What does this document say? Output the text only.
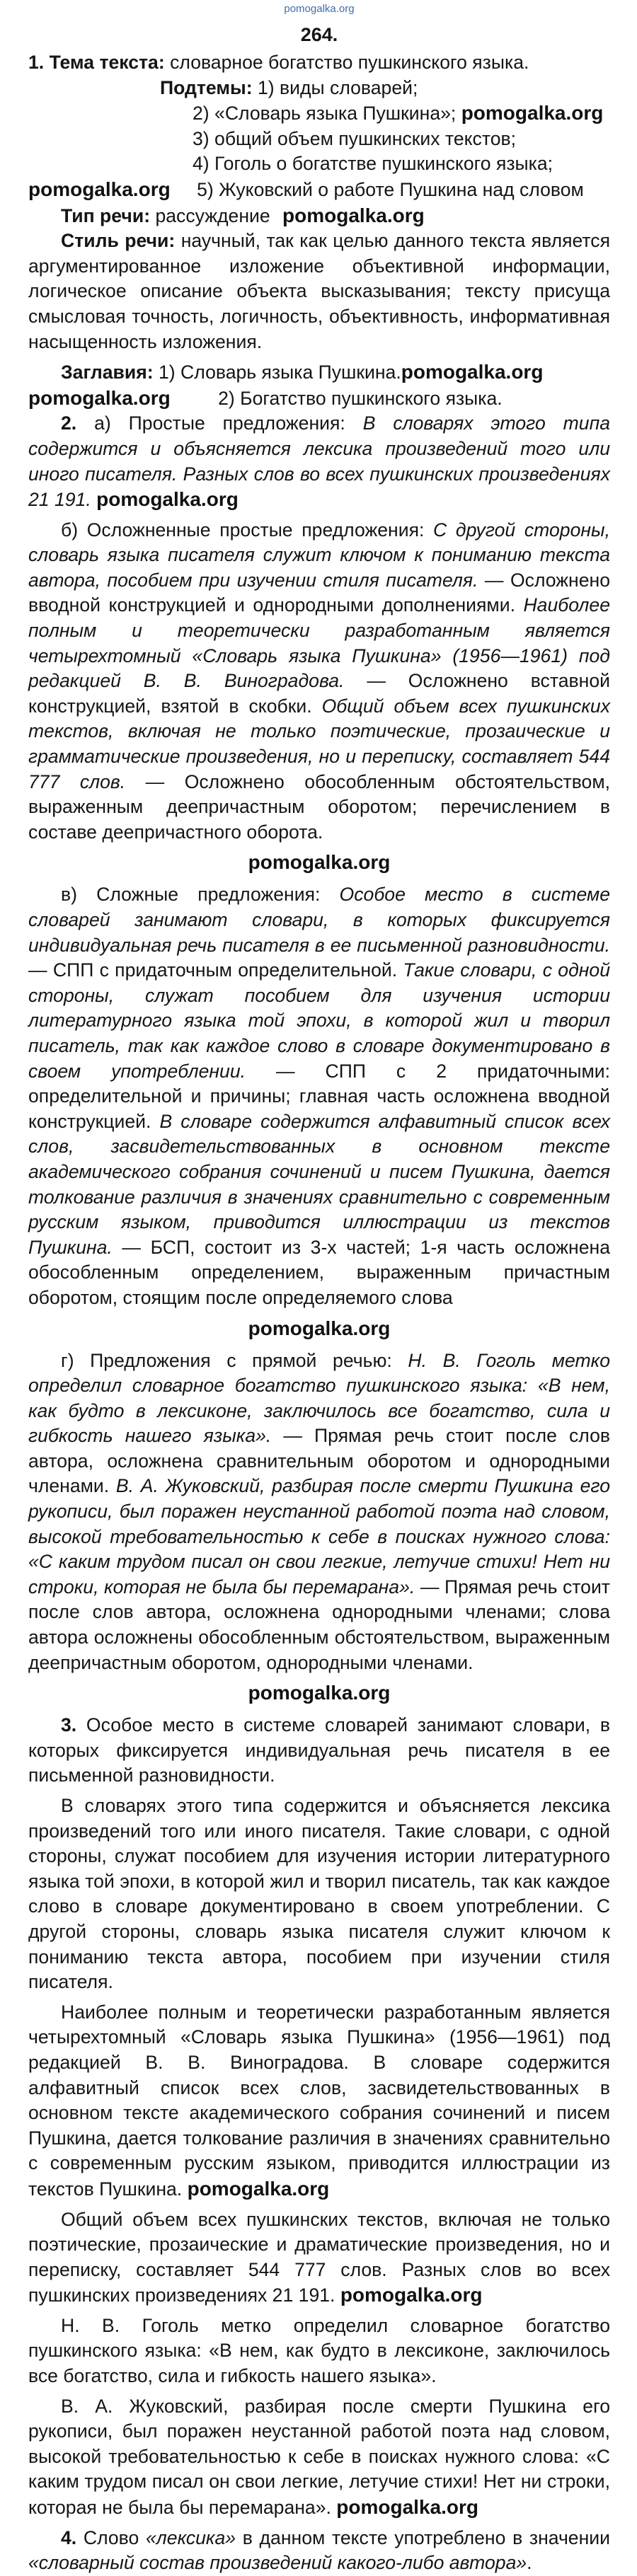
pomogalka.org
264.
1. Тема текста: словарное богатство пушкинского языка.
Подтемы: 1) виды словарей;
2) «Словарь языка Пушкина»; pomogalka.org
3) общий объем пушкинских текстов;
4) Гоголь о богатстве пушкинского языка;
pomogalka.org 5) Жуковский о работе Пушкина над словом
Тип речи: рассуждение pomogalka.org

Стиль речи: научный, так как целью данного текста является аргументированное изложение объективной информации, логическое описание объекта высказывания; тексту присуща смысловая точность, логичность, объективность, информативная насыщенность изложения.

Заглавия: 1) Словарь языка Пушкина.pomogalka.org
pomogalka.org	2) Богатство пушкинского языка.

2. а) Простые предложения: В словарях этого типа содержится и объясняется лексика произведений того или иного писателя. Разных слов во всех пушкинских произведениях 21 191. pomogalka.org

б) Осложненные простые предложения: С другой стороны, словарь языка писателя служит ключом к пониманию текста автора, пособием при изучении стиля писателя. — Осложнено вводной конструкцией и однородными дополнениями. Наиболее полным и теоретически разработанным является четырехтомный «Словарь языка Пушкина» (1956—1961) под редакцией В. В. Виноградова. — Осложнено вставной конструкцией, взятой в скобки. Общий объем всех пушкинских текстов, включая не только поэтические, прозаические и грамматические произведения, но и переписку, составляет 544 777 слов. — Осложнено обособленным обстоятельством, выраженным деепричастным оборотом; перечислением в составе деепричастного оборота.

pomogalka.org

в) Сложные предложения: Особое место в системе словарей занимают словари, в которых фиксируется индивидуальная речь писателя в ее письменной разновидности. — СПП с придаточным определительной. Такие словари, с одной стороны, служат пособием для изучения истории литературного языка той эпохи, в которой жил и творил писатель, так как каждое слово в словаре документировано в своем употреблении. — СПП с 2 придаточными: определительной и причины; главная часть осложнена вводной конструкцией. В словаре содержится алфавитный список всех слов, засвидетельствованных в основном тексте академического собрания сочинений и писем Пушкина, дается толкование различия в значениях сравнительно с современным русским языком, приводится иллюстрации из текстов Пушкина. — БСП, состоит из 3-х частей; 1-я часть осложнена обособленным определением, выраженным причастным оборотом, стоящим после определяемого слова

pomogalka.org

г) Предложения с прямой речью: Н. В. Гоголь метко определил словарное богатство пушкинского языка: «В нем, как будто в лексиконе, заключилось все богатство, сила и гибкость нашего языка». — Прямая речь стоит после слов автора, осложнена сравнительным оборотом и однородными членами. В. А. Жуковский, разбирая после смерти Пушкина его рукописи, был поражен неустанной работой поэта над словом, высокой требовательностью к себе в поисках нужного слова: «С каким трудом писал он свои легкие, летучие стихи! Нет ни строки, которая не была бы перемарана». — Прямая речь стоит после слов автора, осложнена однородными членами; слова автора осложнены обособленным обстоятельством, выраженным деепричастным оборотом, однородными членами.

pomogalka.org

3. Особое место в системе словарей занимают словари, в которых фиксируется индивидуальная речь писателя в ее письменной разновидности.

В словарях этого типа содержится и объясняется лексика произведений того или иного писателя. Такие словари, с одной стороны, служат пособием для изучения истории литературного языка той эпохи, в которой жил и творил писатель, так как каждое слово в словаре документировано в своем употреблении. С другой стороны, словарь языка писателя служит ключом к пониманию текста автора, пособием при изучении стиля писателя.

Наиболее полным и теоретически разработанным является четырехтомный «Словарь языка Пушкина» (1956—1961) под редакцией В. В. Виноградова. В словаре содержится алфавитный список всех слов, засвидетельствованных в основном тексте академического собрания сочинений и писем Пушкина, дается толкование различия в значениях сравнительно с современным русским языком, приводится иллюстрации из текстов Пушкина. pomogalka.org

Общий объем всех пушкинских текстов, включая не только поэтические, прозаические и драматические произведения, но и переписку, составляет 544 777 слов. Разных слов во всех пушкинских произведениях 21 191. pomogalka.org

Н. В. Гоголь метко определил словарное богатство пушкинского языка: «В нем, как будто в лексиконе, заключилось все богатство, сила и гибкость нашего языка».

В. А. Жуковский, разбирая после смерти Пушкина его рукописи, был поражен неустанной работой поэта над словом, высокой требовательностью к себе в поисках нужного слова: «С каким трудом писал он свои легкие, летучие стихи! Нет ни строки, которая не была бы перемарана». pomogalka.org

4. Слово «лексика» в данном тексте употреблено в значении «словарный состав произведений какого-либо автора».
